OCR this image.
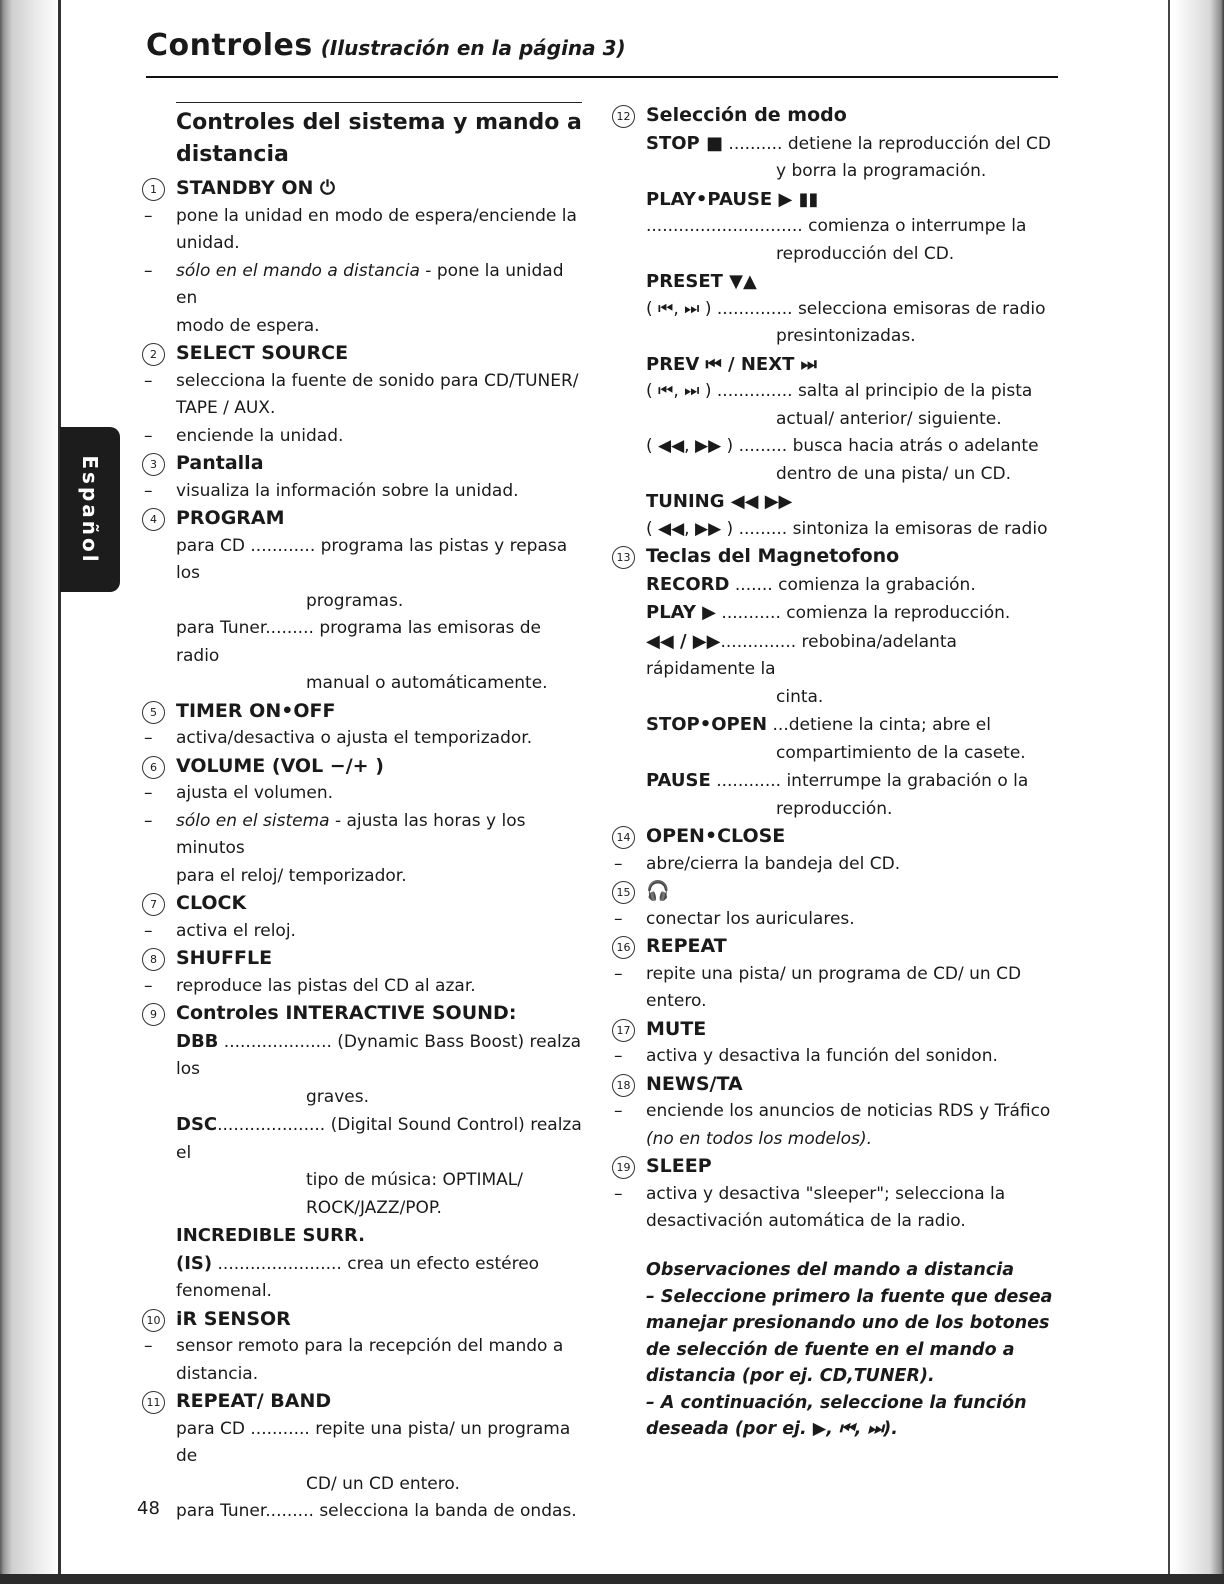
Controles (Ilustración en la página 3)
Español
Controles del sistema y mando a distancia
1	STANDBY ON ⏻
– pone la unidad en modo de espera/enciende la
unidad.
– sólo en el mando a distancia - pone la unidad en
modo de espera.
2	SELECT SOURCE
– selecciona la fuente de sonido para CD/TUNER/
TAPE / AUX.
– enciende la unidad.
3	Pantalla
– visualiza la información sobre la unidad.
4	PROGRAM
para CD ............ programa las pistas y repasa los
programas.
para Tuner......... programa las emisoras de radio
manual o automáticamente.
5	TIMER ON•OFF
– activa/desactiva o ajusta el temporizador.
6	VOLUME (VOL −/+ )
– ajusta el volumen.
– sólo en el sistema - ajusta las horas y los minutos
para el reloj/ temporizador.
7	CLOCK
– activa el reloj.
8	SHUFFLE
– reproduce las pistas del CD al azar.
9	Controles INTERACTIVE SOUND:
DBB .................... (Dynamic Bass Boost) realza los
graves.
DSC.................... (Digital Sound Control) realza el
tipo de música: OPTIMAL/
ROCK/JAZZ/POP.
INCREDIBLE SURR.
(IS) ....................... crea un efecto estéreo fenomenal.
10 iR SENSOR
– sensor remoto para la recepción del mando a
distancia.
11 REPEAT/ BAND
para CD ........... repite una pista/ un programa de
CD/ un CD entero.
para Tuner......... selecciona la banda de ondas.
12 Selección de modo
STOP ■ .......... detiene la reproducción del CD
y borra la programación.
PLAY•PAUSE ▶ ▮▮
............................. comienza o interrumpe la
reproducción del CD.
PRESET ▼▲
( ⏮, ⏭ ) .............. selecciona emisoras de radio
presintonizadas.
PREV ⏮ / NEXT ⏭
( ⏮, ⏭ ) .............. salta al principio de la pista
actual/ anterior/ siguiente.
( ◀◀, ▶▶ ) ......... busca hacia atrás o adelante
dentro de una pista/ un CD.
TUNING ◀◀ ▶▶
( ◀◀, ▶▶ ) ......... sintoniza la emisoras de radio
13 Teclas del Magnetofono
RECORD ....... comienza la grabación.
PLAY ▶ ........... comienza la reproducción.
◀◀ / ▶▶.............. rebobina/adelanta rápidamente la
cinta.
STOP•OPEN ...detiene la cinta; abre el
compartimiento de la casete.
PAUSE ............ interrumpe la grabación o la
reproducción.
14 OPEN•CLOSE
– abre/cierra la bandeja del CD.
15 🎧
– conectar los auriculares.
16 REPEAT
– repite una pista/ un programa de CD/ un CD
entero.
17 MUTE
– activa y desactiva la función del sonidon.
18 NEWS/TA
– enciende los anuncios de noticias RDS y Tráfico
(no en todos los modelos).
19 SLEEP
– activa y desactiva "sleeper"; selecciona la
desactivación automática de la radio.
Observaciones del mando a distancia
– Seleccione primero la fuente que desea manejar presionando uno de los botones de selección de fuente en el mando a distancia (por ej. CD,TUNER).
– A continuación, seleccione la función deseada (por ej. ▶, ⏮, ⏭).
48
